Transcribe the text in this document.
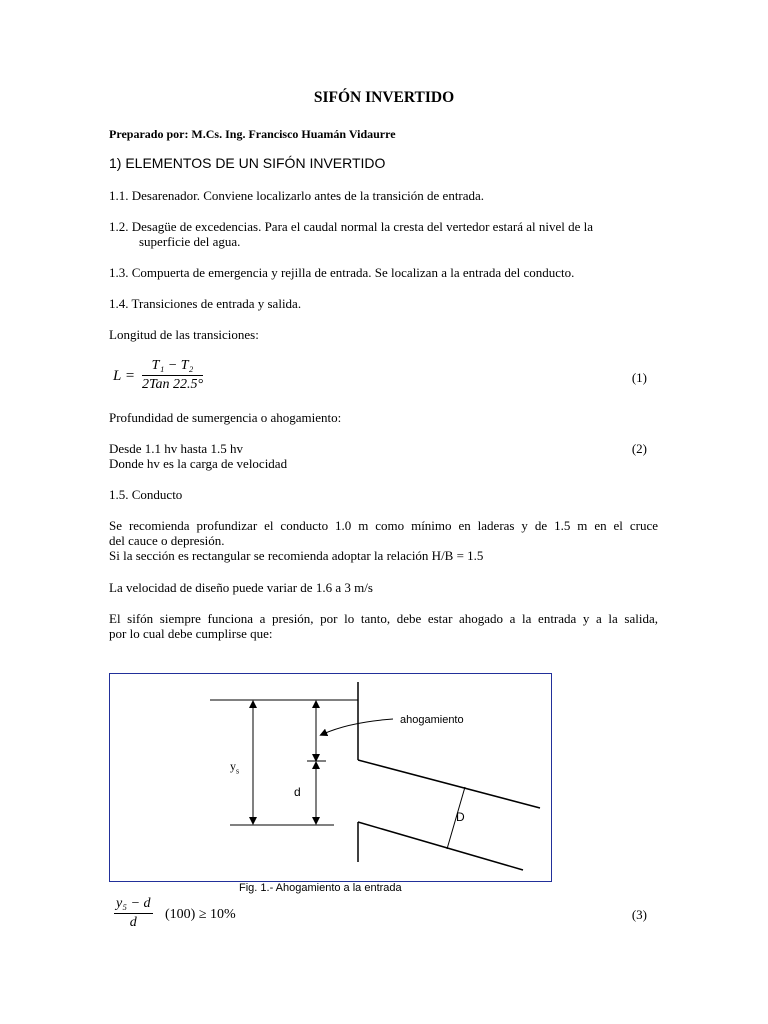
SIFÓN INVERTIDO
Preparado por: M.Cs. Ing. Francisco Huamán Vidaurre
1) ELEMENTOS DE UN SIFÓN INVERTIDO
1.1. Desarenador. Conviene localizarlo antes de la transición de entrada.
1.2. Desagüe de excedencias. Para el caudal normal la cresta del vertedor estará al nivel de la
superficie del agua.
1.3. Compuerta de emergencia y rejilla de entrada. Se localizan a la entrada del conducto.
1.4. Transiciones de entrada y salida.
Longitud de las transiciones:
L =
T₁ − T₂
2Tan 22.5°	(1)
Profundidad de sumergencia o ahogamiento:
Desde 1.1 hv hasta 1.5 hv	(2)
Donde hv es la carga de velocidad
1.5. Conducto
Se recomienda profundizar el conducto 1.0 m como mínimo en laderas y de 1.5 m en el cruce
del cauce o depresión.
Si la sección es rectangular se recomienda adoptar la relación H/B = 1.5
La velocidad de diseño puede variar de 1.6 a 3 m/s
El sifón siempre funciona a presión, por lo tanto, debe estar ahogado a la entrada y a la salida,
por lo cual debe cumplirse que:
ahogamiento
$y_s$
d
D
Fig. 1.- Ahogamiento a la entrada
$\frac{\text{y₅ − d}}{d} (100) \ge 10\%$	(3)
